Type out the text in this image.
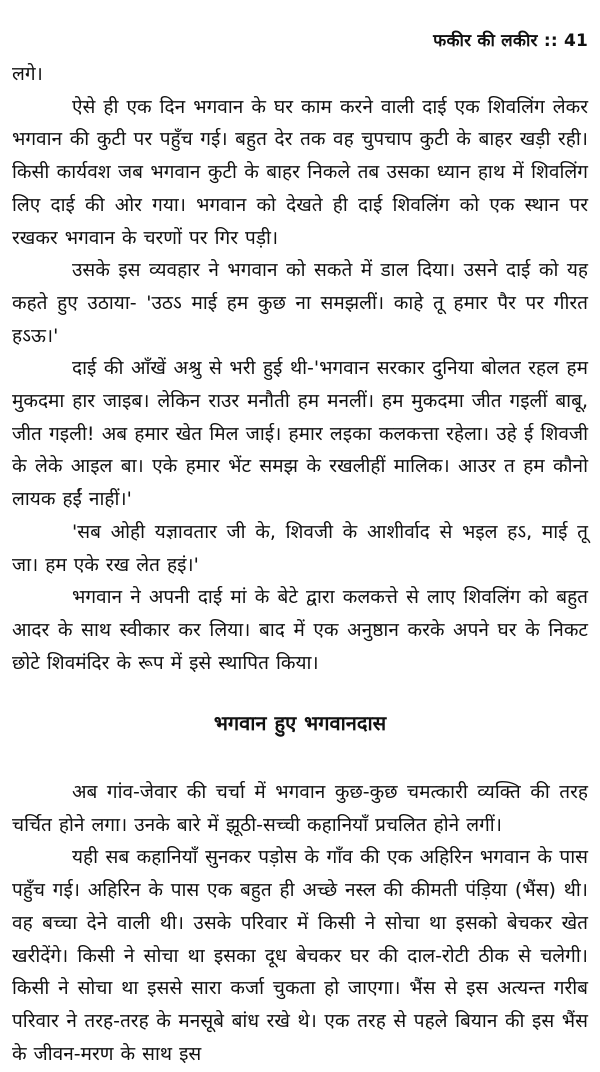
फकीर की लकीर :: 41

लगे।

ऐसे ही एक दिन भगवान के घर काम करने वाली दाई एक शिवलिंग लेकर भगवान की कुटी पर पहुँच गई। बहुत देर तक वह चुपचाप कुटी के बाहर खड़ी रही। किसी कार्यवश जब भगवान कुटी के बाहर निकले तब उसका ध्यान हाथ में शिवलिंग लिए दाई की ओर गया। भगवान को देखते ही दाई शिवलिंग को एक स्थान पर रखकर भगवान के चरणों पर गिर पड़ी।

उसके इस व्यवहार ने भगवान को सकते में डाल दिया। उसने दाई को यह कहते हुए उठाया- 'उठऽ माई हम कुछ ना समझलीं। काहे तू हमार पैर पर गीरत हऽऊ।'

दाई की आँखें अश्रु से भरी हुई थी-'भगवान सरकार दुनिया बोलत रहल हम मुकदमा हार जाइब। लेकिन राउर मनौती हम मनलीं। हम मुकदमा जीत गइलीं बाबू, जीत गइली! अब हमार खेत मिल जाई। हमार लइका कलकत्ता रहेला। उहे ई शिवजी के लेके आइल बा। एके हमार भेंट समझ के रखलीहीं मालिक। आउर त हम कौनो लायक हईं नाहीं।'

'सब ओही यज्ञावतार जी के, शिवजी के आशीर्वाद से भइल हऽ, माई तू जा। हम एके रख लेत हइं।'

भगवान ने अपनी दाई मां के बेटे द्वारा कलकत्ते से लाए शिवलिंग को बहुत आदर के साथ स्वीकार कर लिया। बाद में एक अनुष्ठान करके अपने घर के निकट छोटे शिवमंदिर के रूप में इसे स्थापित किया।

भगवान हुए भगवानदास

अब गांव-जेवार की चर्चा में भगवान कुछ-कुछ चमत्कारी व्यक्ति की तरह चर्चित होने लगा। उनके बारे में झूठी-सच्ची कहानियाँ प्रचलित होने लगीं।

यही सब कहानियाँ सुनकर पड़ोस के गाँव की एक अहिरिन भगवान के पास पहुँच गई। अहिरिन के पास एक बहुत ही अच्छे नस्ल की कीमती पंड़िया (भैंस) थी। वह बच्चा देने वाली थी। उसके परिवार में किसी ने सोचा था इसको बेचकर खेत खरीदेंगे। किसी ने सोचा था इसका दूध बेचकर घर की दाल-रोटी ठीक से चलेगी। किसी ने सोचा था इससे सारा कर्जा चुकता हो जाएगा। भैंस से इस अत्यन्त गरीब परिवार ने तरह-तरह के मनसूबे बांध रखे थे। एक तरह से पहले बियान की इस भैंस के जीवन-मरण के साथ इस
